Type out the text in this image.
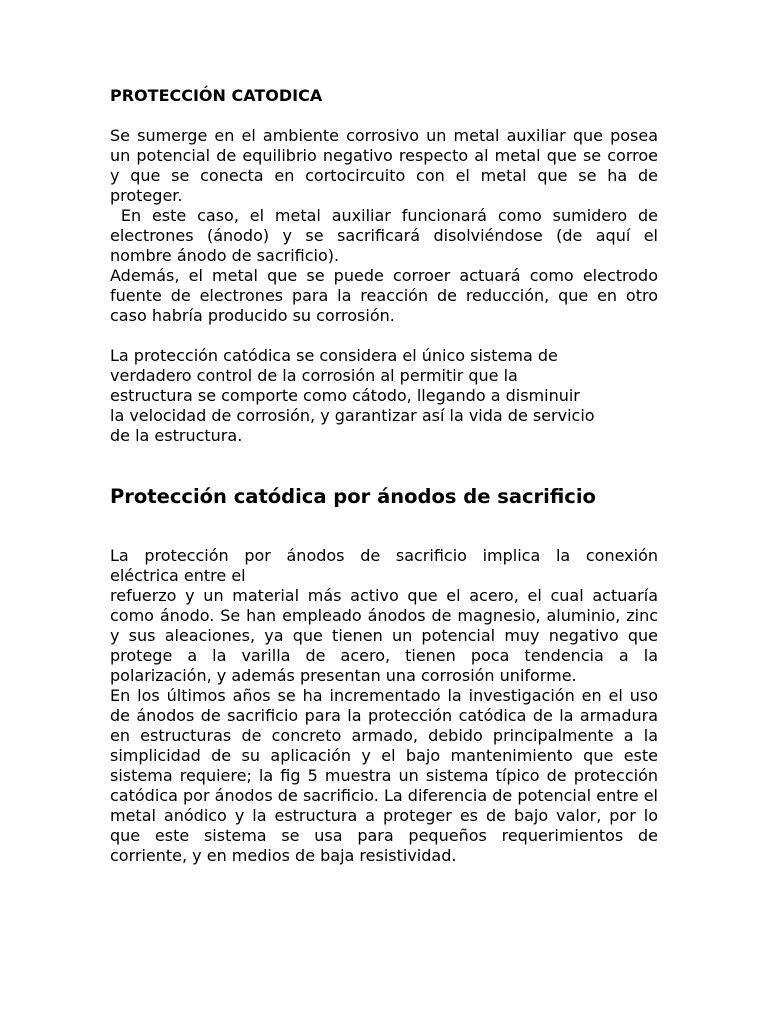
PROTECCIÓN CATODICA

Se sumerge en el ambiente corrosivo un metal auxiliar que posea un potencial de equilibrio negativo respecto al metal que se corroe y que se conecta en cortocircuito con el metal que se ha de proteger.

En este caso, el metal auxiliar funcionará como sumidero de electrones (ánodo) y se sacrificará disolviéndose (de aquí el nombre ánodo de sacrificio).

Además, el metal que se puede corroer actuará como electrodo fuente de electrones para la reacción de reducción, que en otro caso habría producido su corrosión.

La protección catódica se considera el único sistema de
verdadero control de la corrosión al permitir que la
estructura se comporte como cátodo, llegando a disminuir
la velocidad de corrosión, y garantizar así la vida de servicio
de la estructura.
Protección catódica por ánodos de sacrificio
La protección por ánodos de sacrificio implica la conexión
eléctrica entre el
refuerzo y un material más activo que el acero, el cual actuaría como ánodo. Se han empleado ánodos de magnesio, aluminio, zinc y sus aleaciones, ya que tienen un potencial muy negativo que protege a la varilla de acero, tienen poca tendencia a la polarización, y además presentan una corrosión uniforme.

En los últimos años se ha incrementado la investigación en el uso de ánodos de sacrificio para la protección catódica de la armadura en estructuras de concreto armado, debido principalmente a la simplicidad de su aplicación y el bajo mantenimiento que este sistema requiere; la fig 5 muestra un sistema típico de protección catódica por ánodos de sacrificio. La diferencia de potencial entre el metal anódico y la estructura a proteger es de bajo valor, por lo que este sistema se usa para pequeños requerimientos de corriente, y en medios de baja resistividad.
